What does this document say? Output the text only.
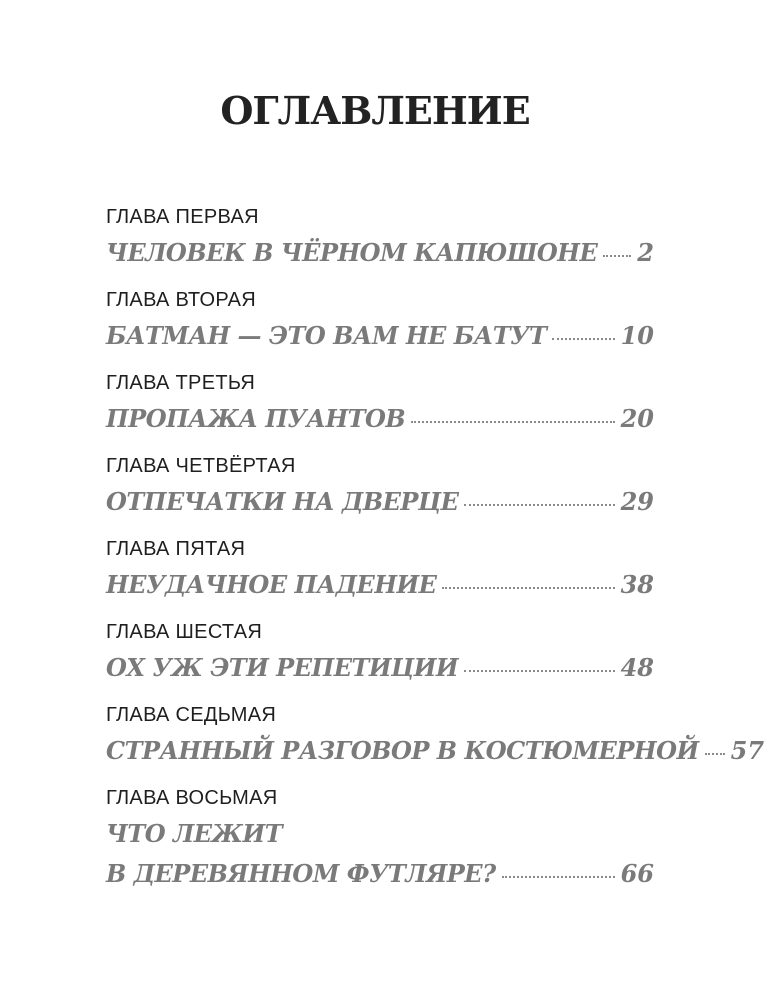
ОГЛАВЛЕНИЕ
ГЛАВА ПЕРВАЯ
ЧЕЛОВЕК В ЧЁРНОМ КАПЮШОНЕ 2
ГЛАВА ВТОРАЯ
БАТМАН — ЭТО ВАМ НЕ БАТУТ	10
ГЛАВА ТРЕТЬЯ
ПРОПАЖА ПУАНТОВ	20
ГЛАВА ЧЕТВЁРТАЯ
ОТПЕЧАТКИ НА ДВЕРЦЕ	29
ГЛАВА ПЯТАЯ
НЕУДАЧНОЕ ПАДЕНИЕ	38
ГЛАВА ШЕСТАЯ
ОХ УЖ ЭТИ РЕПЕТИЦИИ	48
ГЛАВА СЕДЬМАЯ
СТРАННЫЙ РАЗГОВОР В КОСТЮМЕРНОЙ 57
ГЛАВА ВОСЬМАЯ
ЧТО ЛЕЖИТ
В ДЕРЕВЯННОМ ФУТЛЯРЕ?	66
